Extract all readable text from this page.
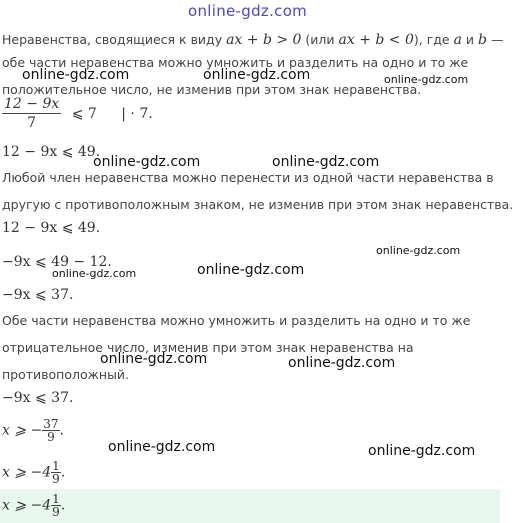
online-gdz.com
Неравенства, сводящиеся к виду ax + b > 0 (или ax + b < 0), где a и b —
обе части неравенства можно умножить и разделить на одно и то же
online-gdz.com	online-gdz.com	online-gdz.com
положительное число, не изменив при этом знак неравенства.
$\frac{12 - 9x}{7}$ ⩽ 7 | · 7.
12 − 9x ⩽ 49.
online-gdz.com	online-gdz.com
Любой член неравенства можно перенести из одной части неравенства в
другую с противоположным знаком, не изменив при этом знак неравенства.
12 − 9x ⩽ 49.
online-gdz.com
−9x ⩽ 49 − 12.
online-gdz.com	online-gdz.com
−9x ⩽ 37.
Обе части неравенства можно умножить и разделить на одно и то же
отрицательное число, изменив при этом знак неравенства на
online-gdz.com	online-gdz.com
противоположный.
−9x ⩽ 37.
x ⩾ − $\frac{37}{9}$ .
online-gdz.com	online-gdz.com
x ⩾ $-4 \frac{1}{9}$ .
x ⩾ $-4 \frac{1}{9}$ .
